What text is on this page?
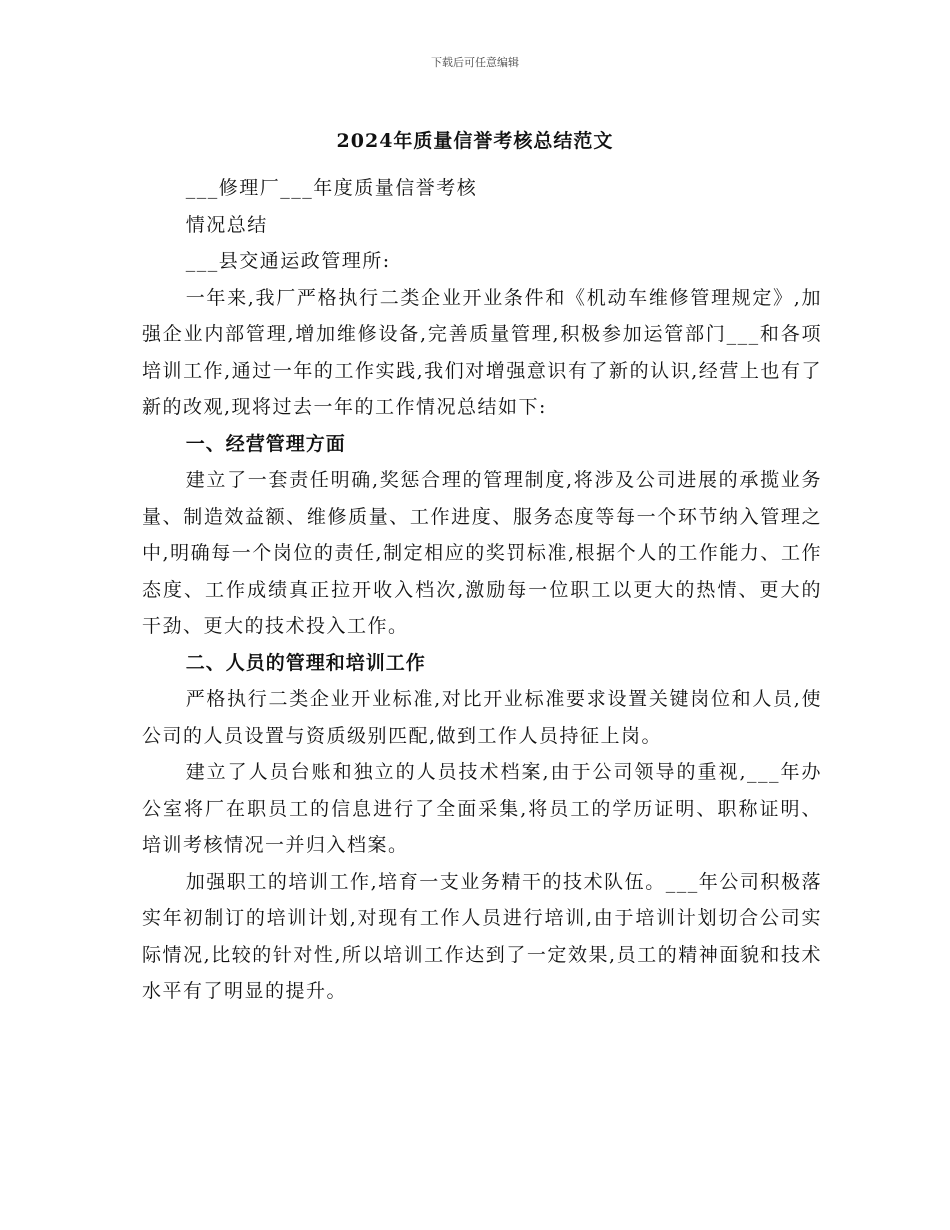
下载后可任意编辑
2024年质量信誉考核总结范文

___修理厂___年度质量信誉考核

情况总结

___县交通运政管理所:

一年来,我厂严格执行二类企业开业条件和《机动车维修管理规定》,加强企业内部管理,增加维修设备,完善质量管理,积极参加运管部门___和各项培训工作,通过一年的工作实践,我们对增强意识有了新的认识,经营上也有了新的改观,现将过去一年的工作情况总结如下:

一、经营管理方面

建立了一套责任明确,奖惩合理的管理制度,将涉及公司进展的承揽业务量、制造效益额、维修质量、工作进度、服务态度等每一个环节纳入管理之中,明确每一个岗位的责任,制定相应的奖罚标准,根据个人的工作能力、工作态度、工作成绩真正拉开收入档次,激励每一位职工以更大的热情、更大的干劲、更大的技术投入工作。

二、人员的管理和培训工作

严格执行二类企业开业标准,对比开业标准要求设置关键岗位和人员,使公司的人员设置与资质级别匹配,做到工作人员持征上岗。

建立了人员台账和独立的人员技术档案,由于公司领导的重视,___年办公室将厂在职员工的信息进行了全面采集,将员工的学历证明、职称证明、培训考核情况一并归入档案。

加强职工的培训工作,培育一支业务精干的技术队伍。___年公司积极落实年初制订的培训计划,对现有工作人员进行培训,由于培训计划切合公司实际情况,比较的针对性,所以培训工作达到了一定效果,员工的精神面貌和技术水平有了明显的提升。
